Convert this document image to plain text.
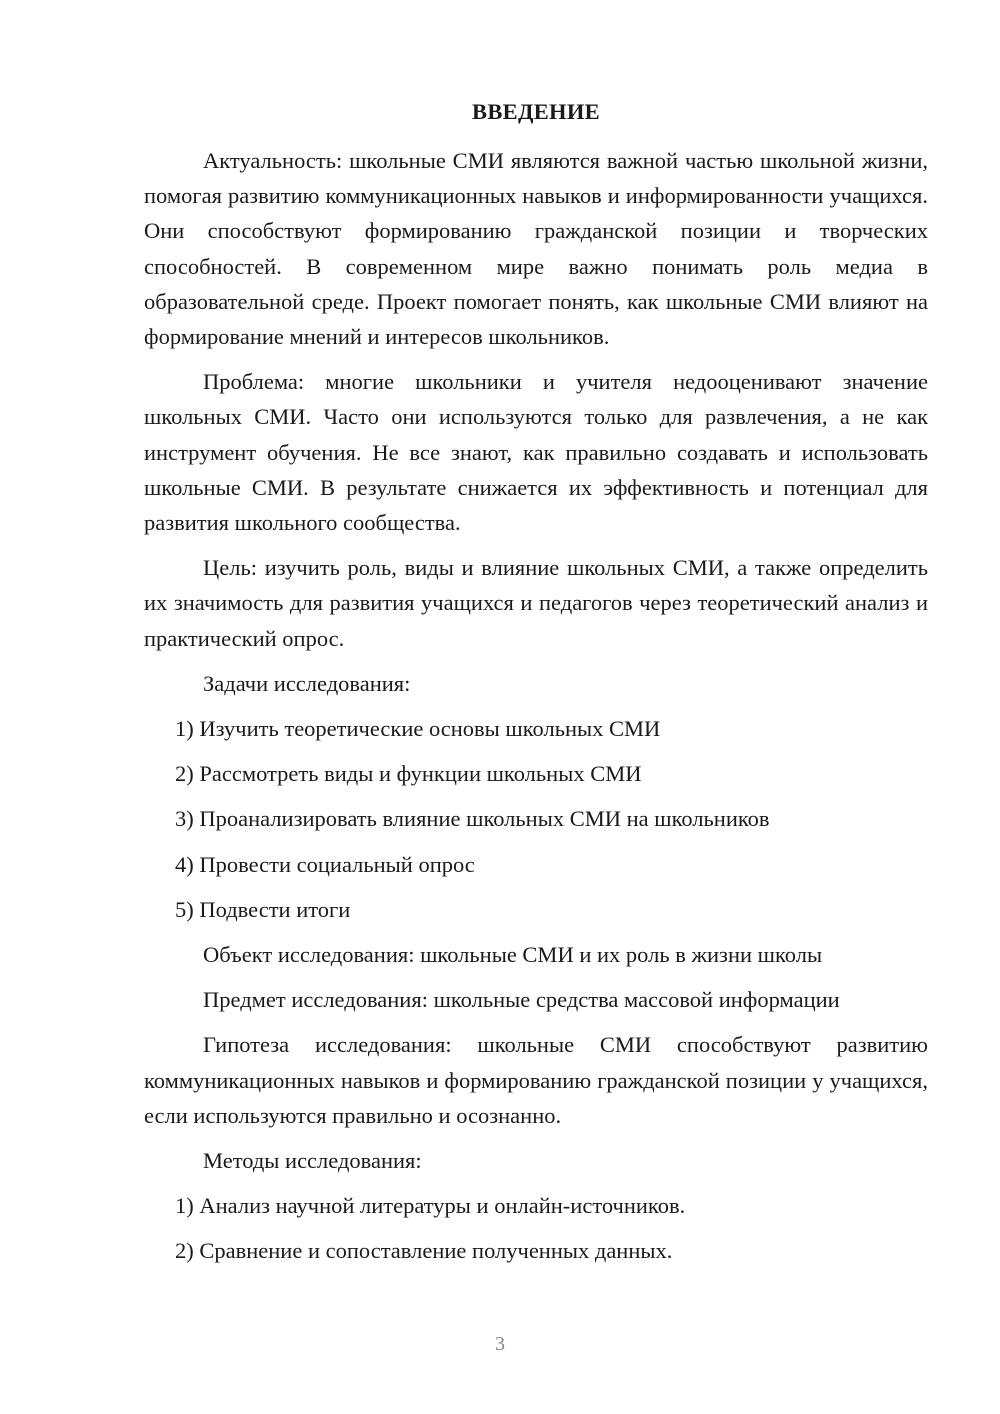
ВВЕДЕНИЕ

Актуальность: школьные СМИ являются важной частью школьной жизни, помогая развитию коммуникационных навыков и информированности учащихся. Они способствуют формированию гражданской позиции и творческих способностей. В современном мире важно понимать роль медиа в образовательной среде. Проект помогает понять, как школьные СМИ влияют на формирование мнений и интересов школьников.

Проблема: многие школьники и учителя недооценивают значение школьных СМИ. Часто они используются только для развлечения, а не как инструмент обучения. Не все знают, как правильно создавать и использовать школьные СМИ. В результате снижается их эффективность и потенциал для развития школьного сообщества.

Цель: изучить роль, виды и влияние школьных СМИ, а также определить их значимость для развития учащихся и педагогов через теоретический анализ и практический опрос.

Задачи исследования:
1) Изучить теоретические основы школьных СМИ
2) Рассмотреть виды и функции школьных СМИ
3) Проанализировать влияние школьных СМИ на школьников
4) Провести социальный опрос
5) Подвести итоги
Объект исследования: школьные СМИ и их роль в жизни школы
Предмет исследования: школьные средства массовой информации

Гипотеза исследования: школьные СМИ способствуют развитию коммуникационных навыков и формированию гражданской позиции у учащихся, если используются правильно и осознанно.

Методы исследования:
1) Анализ научной литературы и онлайн-источников.
2) Сравнение и сопоставление полученных данных.
3
